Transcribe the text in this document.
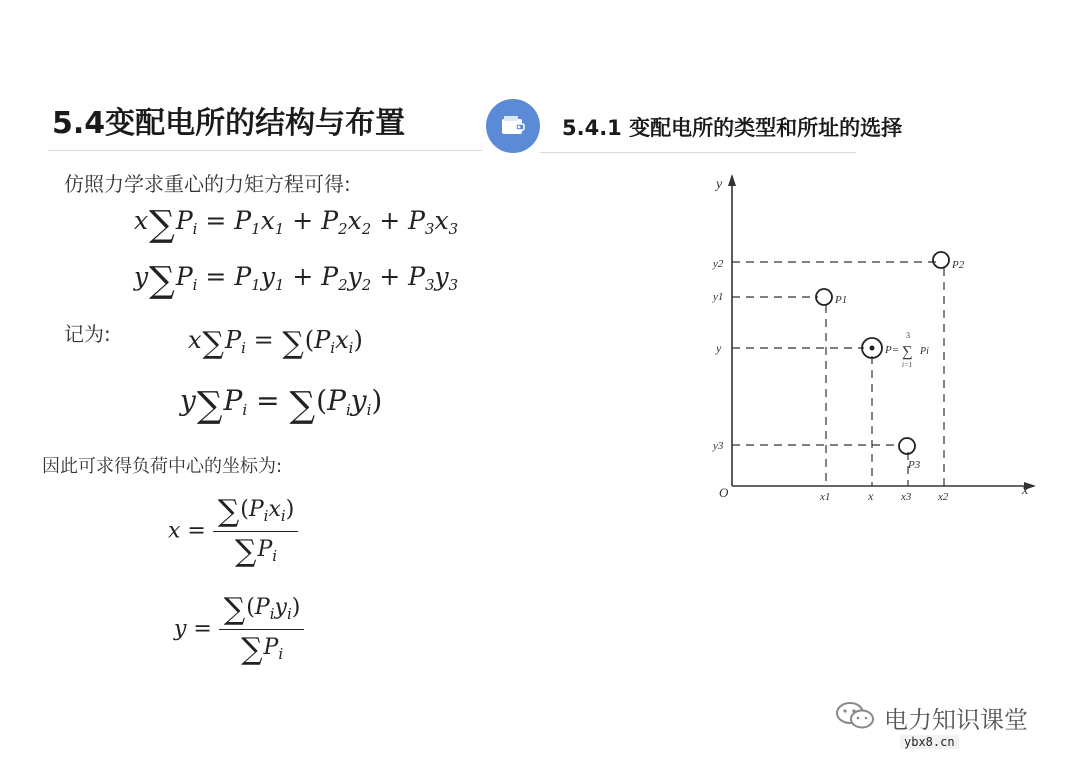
5.4变配电所的结构与布置	5.4.1 变配电所的类型和所址的选择
仿照力学求重心的力矩方程可得:
$x\sum P_i = P_1x_1 + P_2x_2 + P_3x_3$
$y\sum P_i = P_1y_1 + P_2y_2 + P_3y_3$
记为:	$x\sum P_i = \sum(P_ix_i)$
$y\sum P_i = \sum(P_iy_i)$
因此可求得负荷中心的坐标为:
$x = \frac{\sum(P_ix_i)}{\sum P_i}$
$y = \frac{\sum(P_iy_i)}{\sum P_i}$
y
x
O
y2
y1
y
y3
x1	x	x3 x2
P2
P1
P3
P=
3
∑
i=1
Pi
电力知识课堂
ybx8.cn
